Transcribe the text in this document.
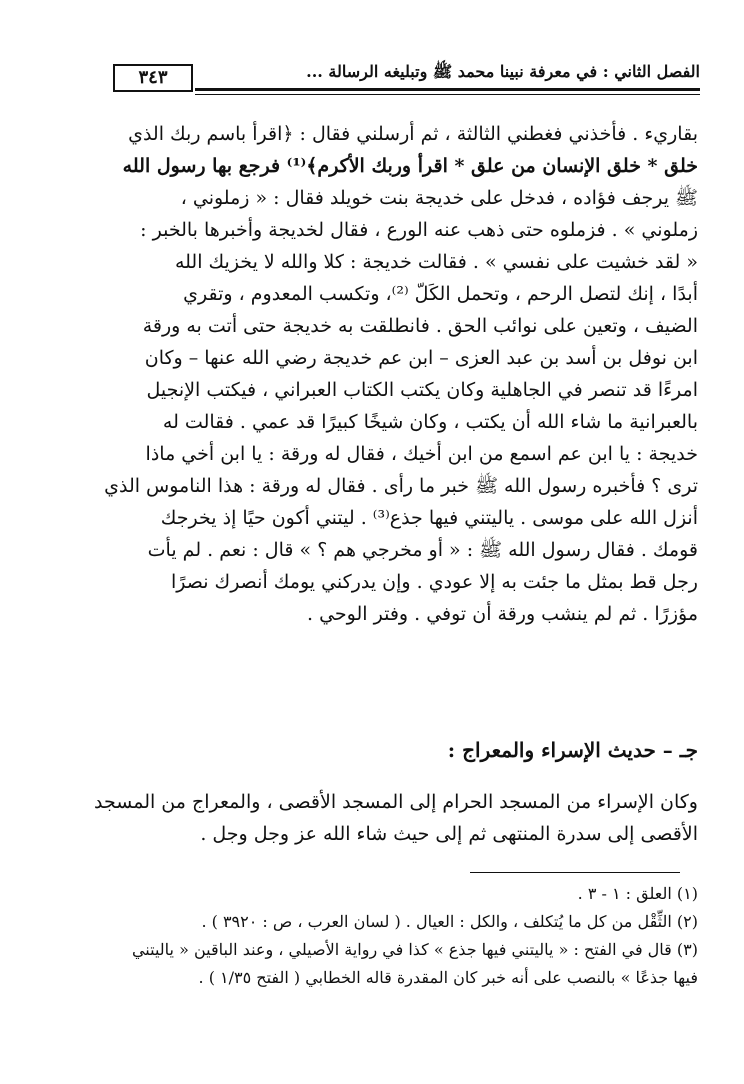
٣٤٣	الفصل الثاني : في معرفة نبينا محمد ﷺ وتبليغه الرسالة ...
بقاريء . فأخذني فغطني الثالثة ، ثم أرسلني فقال : ﴿اقرأ باسم ربك الذي
خلق * خلق الإنسان من علق * اقرأ وربك الأكرم﴾⁽¹⁾ فرجع بها رسول الله
ﷺ يرجف فؤاده ، فدخل على خديجة بنت خويلد فقال : « زملوني ،
زملوني » . فزملوه حتى ذهب عنه الورع ، فقال لخديجة وأخبرها بالخبر :
« لقد خشيت على نفسي » . فقالت خديجة : كلا والله لا يخزيك الله
أبدًا ، إنك لتصل الرحم ، وتحمل الكَلّ ⁽²⁾، وتكسب المعدوم ، وتقري
الضيف ، وتعين على نوائب الحق . فانطلقت به خديجة حتى أتت به ورقة
ابن نوفل بن أسد بن عبد العزى – ابن عم خديجة رضي الله عنها – وكان
امرءًا قد تنصر في الجاهلية وكان يكتب الكتاب العبراني ، فيكتب الإنجيل
بالعبرانية ما شاء الله أن يكتب ، وكان شيخًا كبيرًا قد عمي . فقالت له
خديجة : يا ابن عم اسمع من ابن أخيك ، فقال له ورقة : يا ابن أخي ماذا
ترى ؟ فأخبره رسول الله ﷺ خبر ما رأى . فقال له ورقة : هذا الناموس الذي
أنزل الله على موسى . ياليتني فيها جذع⁽³⁾ . ليتني أكون حيًا إذ يخرجك
قومك . فقال رسول الله ﷺ : « أو مخرجي هم ؟ » قال : نعم . لم يأت
رجل قط بمثل ما جئت به إلا عودي . وإن يدركني يومك أنصرك نصرًا
مؤزرًا . ثم لم ينشب ورقة أن توفي . وفتر الوحي .
جـ – حديث الإسراء والمعراج :
وكان الإسراء من المسجد الحرام إلى المسجد الأقصى ، والمعراج من المسجد
الأقصى إلى سدرة المنتهى ثم إلى حيث شاء الله عز وجل وجل .
(١) العلق : ١ - ٣ .
(٢) الثِّقْل من كل ما يُتكلف ، والكل : العيال . ( لسان العرب ، ص : ٣٩٢٠ ) .
(٣) قال في الفتح : « ياليتني فيها جذع » كذا في رواية الأصيلي ، وعند الباقين « ياليتني
فيها جذعًا » بالنصب على أنه خبر كان المقدرة قاله الخطابي ( الفتح ١/٣٥ ) .
